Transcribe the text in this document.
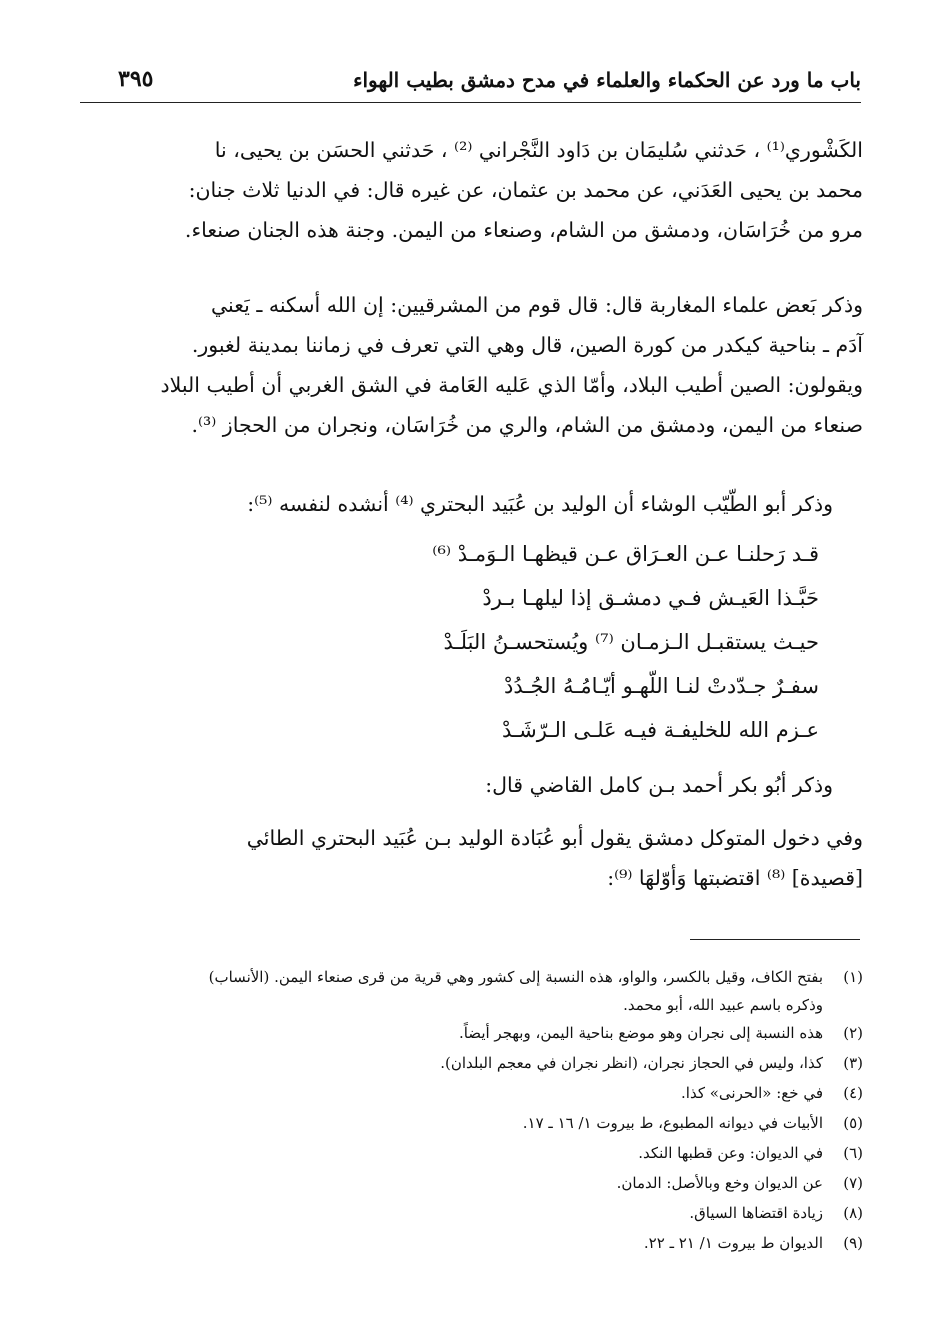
باب ما ورد عن الحكماء والعلماء في مدح دمشق بطيب الهواء
٣٩٥
الكَشْوري⁽¹⁾ ، حَدثني سُليمَان بن دَاود النَّجْراني ⁽²⁾ ، حَدثني الحسَن بن يحيى، نا
محمد بن يحيى العَدَني، عن محمد بن عثمان، عن غيره قال: في الدنيا ثلاث جنان:
مرو من خُرَاسَان، ودمشق من الشام، وصنعاء من اليمن. وجنة هذه الجنان صنعاء.
وذكر بَعض علماء المغاربة قال: قال قوم من المشرقيين: إن الله أسكنه ـ يَعني
آدَم ـ بناحية كيكدر من كورة الصين، قال وهي التي تعرف في زماننا بمدينة لغبور.
ويقولون: الصين أطيب البلاد، وأمّا الذي عَليه العَامة في الشق الغربي أن أطيب البلاد
صنعاء من اليمن، ودمشق من الشام، والري من خُرَاسَان، ونجران من الحجاز ⁽³⁾.
وذكر أبو الطّيّب الوشاء أن الوليد بن عُبَيد البحتري ⁽⁴⁾ أنشده لنفسه ⁽⁵⁾:
قـد رَحلنـا عـن العـرَاق عـن قيظهـا الـوَمـدْ ⁽⁶⁾
حَبَّـذا العَيـش فـي دمشـق إذا ليلهـا بـردْ
حيـث يستقبـل الـزمـان ⁽⁷⁾ ويُستحسـنُ البَلَـدْ
سفـرٌ جـدّدتْ لنـا اللّهـو أيّـامُـهُ الجُـدُدْ
عـزم الله للخليفـة فيـه عَلـى الـرّشَـدْ
وذكر أبُو بكر أحمد بـن كامل القاضي قال:
وفي دخول المتوكل دمشق يقول أبو عُبَادة الوليد بـن عُبَيد البحتري الطائي
[قصيدة] ⁽⁸⁾ اقتضبتها وَأوّلهَا ⁽⁹⁾:
(١)بفتح الكاف، وقيل بالكسر، والواو، هذه النسبة إلى كشور وهي قرية من قرى صنعاء اليمن. (الأنساب)
وذكره باسم عبيد الله، أبو محمد.
(٢)هذه النسبة إلى نجران وهو موضع بناحية اليمن، وبهجر أيضاً.
(٣)كذا، وليس في الحجاز نجران، (انظر نجران في معجم البلدان).
(٤)في خع: «الحرنى» كذا.
(٥)الأبيات في ديوانه المطبوع، ط بيروت ١/ ١٦ ـ ١٧.
(٦)في الديوان: وعن قطبها النكد.
(٧)عن الديوان وخع وبالأصل: الدمان.
(٨)زيادة اقتضاها السياق.
(٩)الديوان ط بيروت ١/ ٢١ ـ ٢٢.
